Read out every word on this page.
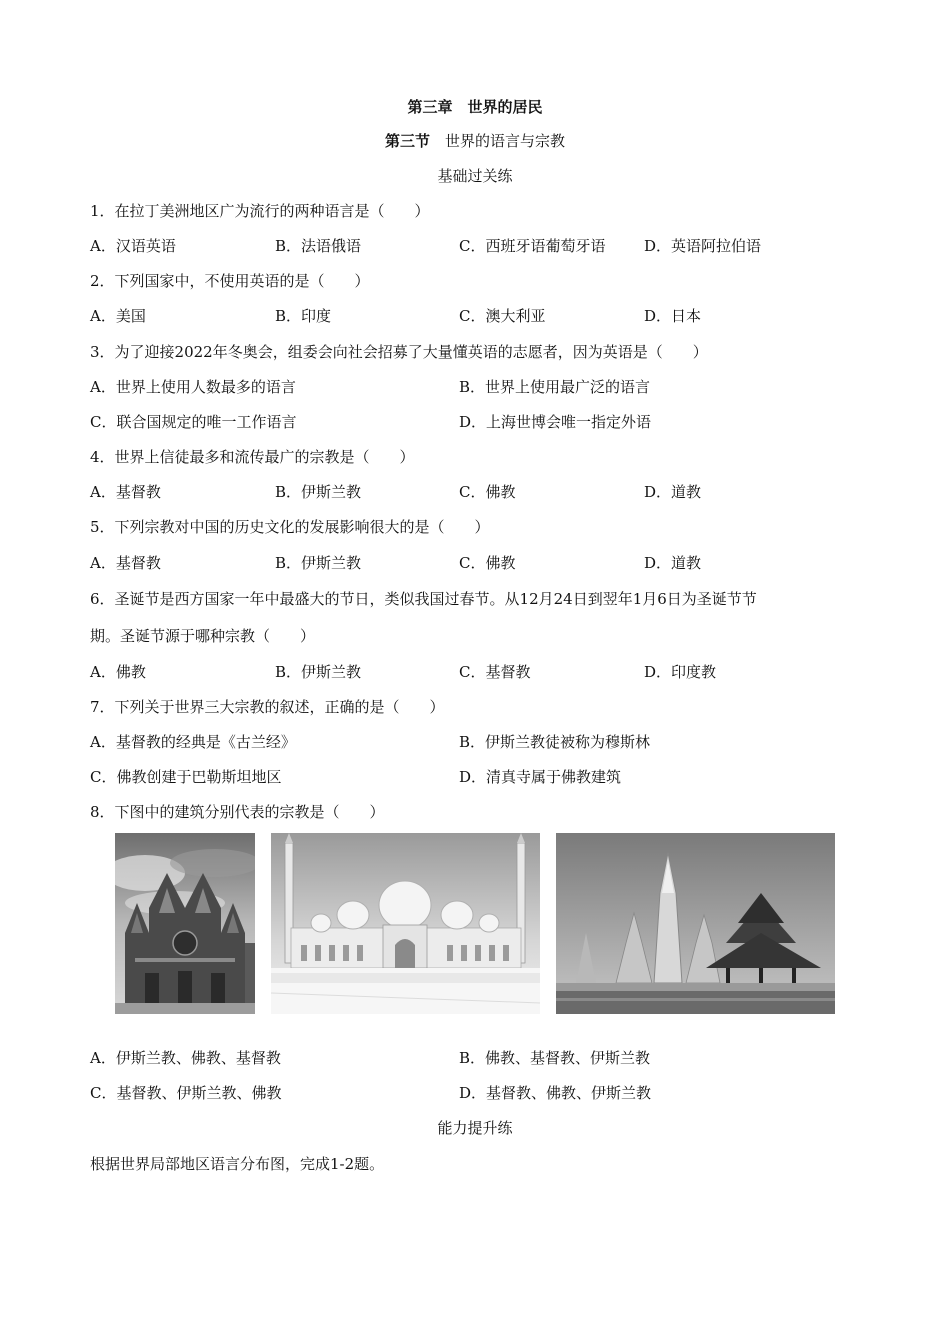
第三章　世界的居民
第三节　 世界的语言与宗教
基础过关练
1．在拉丁美洲地区广为流行的两种语言是（　　）
A．汉语英语	B．法语俄语	C．西班牙语葡萄牙语	D．英语阿拉伯语
2．下列国家中，不使用英语的是（　　）
A．美国	B．印度	C．澳大利亚	D．日本
3．为了迎接2022年冬奥会，组委会向社会招募了大量懂英语的志愿者，因为英语是（　　）
A．世界上使用人数最多的语言	B．世界上使用最广泛的语言
C．联合国规定的唯一工作语言	D．上海世博会唯一指定外语
4．世界上信徒最多和流传最广的宗教是（　　）
A．基督教	B．伊斯兰教	C．佛教	D．道教
5．下列宗教对中国的历史文化的发展影响很大的是（　　）
A．基督教	B．伊斯兰教	C．佛教	D．道教
6．圣诞节是西方国家一年中最盛大的节日，类似我国过春节。从12月24日到翌年1月6日为圣诞节节
期。圣诞节源于哪种宗教（　　）
A．佛教	B．伊斯兰教	C．基督教	D．印度教
7．下列关于世界三大宗教的叙述，正确的是（　　）
A．基督教的经典是《古兰经》	B．伊斯兰教徒被称为穆斯林
C．佛教创建于巴勒斯坦地区	D．清真寺属于佛教建筑
8．下图中的建筑分别代表的宗教是（　　）
A．伊斯兰教、佛教、基督教	B．佛教、基督教、伊斯兰教
C．基督教、伊斯兰教、佛教	D．基督教、佛教、伊斯兰教
能力提升练
根据世界局部地区语言分布图，完成1-2题。
